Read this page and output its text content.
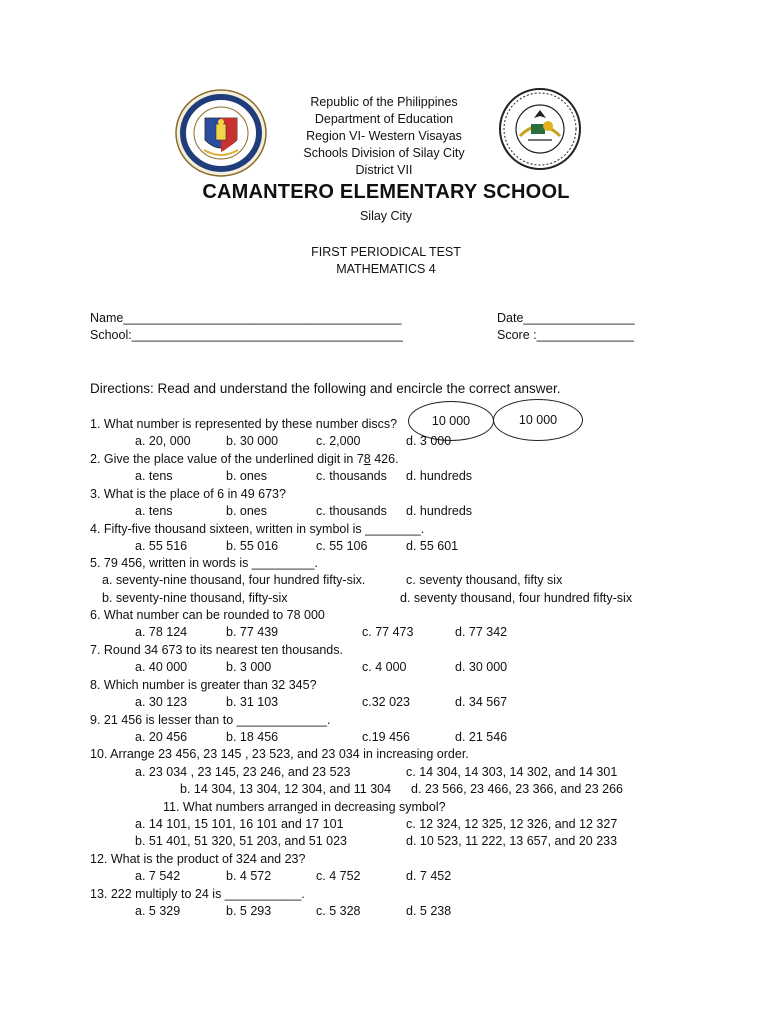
Republic of the Philippines
Department of Education
Region VI- Western Visayas
Schools Division of Silay City
District VII
CAMANTERO ELEMENTARY SCHOOL
Silay City
FIRST PERIODICAL TEST
MATHEMATICS 4
Name________________________________________
School:_______________________________________
Date________________
Score :______________
Directions: Read and understand the following and encircle the correct answer.
10 000	10 000
1. What number is represented by these number discs?
a. 20, 000	b. 30 000	c. 2,000	d. 3 000
2. Give the place value of the underlined digit in 78 426.
a. tens	b. ones	c. thousands d. hundreds
3. What is the place of 6 in 49 673?
a. tens	b. ones	c. thousands d. hundreds
4. Fifty-five thousand sixteen, written in symbol is ________.
a. 55 516	b. 55 016	c. 55 106	d. 55 601
5. 79 456, written in words is _________.
a. seventy-nine thousand, four hundred fifty-six.
b. seventy-nine thousand, fifty-six
c. seventy thousand, fifty six
d. seventy thousand, four hundred fifty-six
6. What number can be rounded to 78 000
a. 78 124	b. 77 439	c. 77 473	d. 77 342
7. Round 34 673 to its nearest ten thousands.
a. 40 000	b. 3 000	c. 4 000	d. 30 000
8. Which number is greater than 32 345?
a. 30 123	b. 31 103	c.32 023	d. 34 567
9. 21 456 is lesser than to _____________.
a. 20 456	b. 18 456	c.19 456	d. 21 546
10. Arrange 23 456, 23 145 , 23 523, and 23 034 in increasing order.
a. 23 034 , 23 145, 23 246, and 23 523
b. 14 304, 13 304, 12 304, and 11 304
c. 14 304, 14 303, 14 302, and 14 301
d. 23 566, 23 466, 23 366, and 23 266
11. What numbers arranged in decreasing symbol?
a. 14 101, 15 101, 16 101 and 17 101
b. 51 401, 51 320, 51 203, and 51 023
c. 12 324, 12 325, 12 326, and 12 327
d. 10 523, 11 222, 13 657, and 20 233
12. What is the product of 324 and 23?
a. 7 542	b. 4 572	c. 4 752	d. 7 452
13. 222 multiply to 24 is ___________.
a. 5 329	b. 5 293	c. 5 328	d. 5 238
